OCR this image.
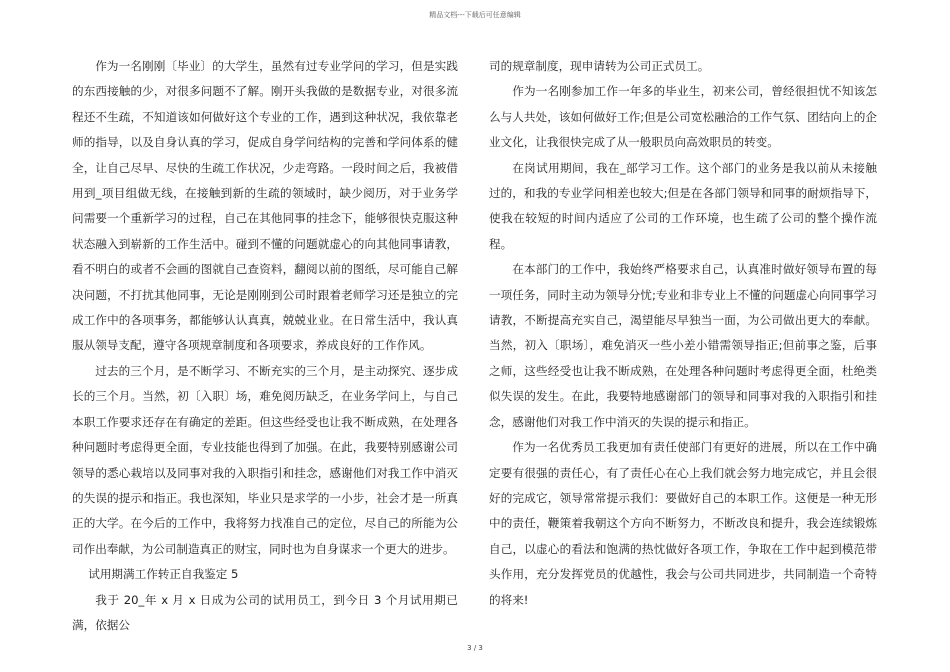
精品文档---下载后可任意编辑

作为一名刚刚〔毕业〕的大学生，虽然有过专业学问的学习，但是实践的东西接触的少，对很多问题不了解。刚开头我做的是数据专业，对很多流程还不生疏，不知道该如何做好这个专业的工作，遇到这种状况，我依靠老师的指导，以及自身认真的学习，促成自身学问结构的完善和学问体系的健全，让自己尽早、尽快的生疏工作状况，少走弯路。一段时间之后，我被借用到_项目组做无线，在接触到新的生疏的领域时，缺少阅历，对于业务学问需要一个重新学习的过程，自己在其他同事的挂念下，能够很快克服这种状态融入到崭新的工作生活中。碰到不懂的问题就虚心的向其他同事请教，看不明白的或者不会画的图就自己查资料，翻阅以前的图纸，尽可能自己解决问题，不打扰其他同事，无论是刚刚到公司时跟着老师学习还是独立的完成工作中的各项事务，都能够认认真真，兢兢业业。在日常生活中，我认真服从领导支配，遵守各项规章制度和各项要求，养成良好的工作作风。

过去的三个月，是不断学习、不断充实的三个月，是主动探究、逐步成长的三个月。当然，初〔入职〕场，难免阅历缺乏，在业务学问上，与自己本职工作要求还存在有确定的差距。但这些经受也让我不断成熟，在处理各种问题时考虑得更全面，专业技能也得到了加强。在此，我要特别感谢公司领导的悉心栽培以及同事对我的入职指引和挂念，感谢他们对我工作中消灭的失误的提示和指正。我也深知，毕业只是求学的一小步，社会才是一所真正的大学。在今后的工作中，我将努力找准自己的定位，尽自己的所能为公司作出奉献，为公司制造真正的财宝，同时也为自身谋求一个更大的进步。

试用期满工作转正自我鉴定 5

我于 20_年 x 月 x 日成为公司的试用员工，到今日 3 个月试用期已满，依据公

司的规章制度，现申请转为公司正式员工。

作为一名刚参加工作一年多的毕业生，初来公司，曾经很担忧不知该怎么与人共处，该如何做好工作;但是公司宽松融洽的工作气氛、团结向上的企业文化，让我很快完成了从一般职员向高效职员的转变。

在岗试用期间，我在_部学习工作。这个部门的业务是我以前从未接触过的，和我的专业学问相差也较大;但是在各部门领导和同事的耐烦指导下，使我在较短的时间内适应了公司的工作环境，也生疏了公司的整个操作流程。

在本部门的工作中，我始终严格要求自己，认真准时做好领导布置的每一项任务，同时主动为领导分忧;专业和非专业上不懂的问题虚心向同事学习请教，不断提高充实自己，渴望能尽早独当一面，为公司做出更大的奉献。当然，初入〔职场〕，难免消灭一些小差小错需领导指正;但前事之鉴，后事之师，这些经受也让我不断成熟，在处理各种问题时考虑得更全面，杜绝类似失误的发生。在此，我要特地感谢部门的领导和同事对我的入职指引和挂念，感谢他们对我工作中消灭的失误的提示和指正。

作为一名优秀员工我更加有责任使部门有更好的进展，所以在工作中确定要有很强的责任心，有了责任心在心上我们就会努力地完成它，并且会很好的完成它，领导常常提示我们：要做好自己的本职工作。这便是一种无形中的责任，鞭策着我朝这个方向不断努力，不断改良和提升，我会连续锻炼自己，以虚心的看法和饱满的热忱做好各项工作，争取在工作中起到模范带头作用，充分发挥党员的优越性，我会与公司共同进步，共同制造一个奇特的将来!

3 / 3
